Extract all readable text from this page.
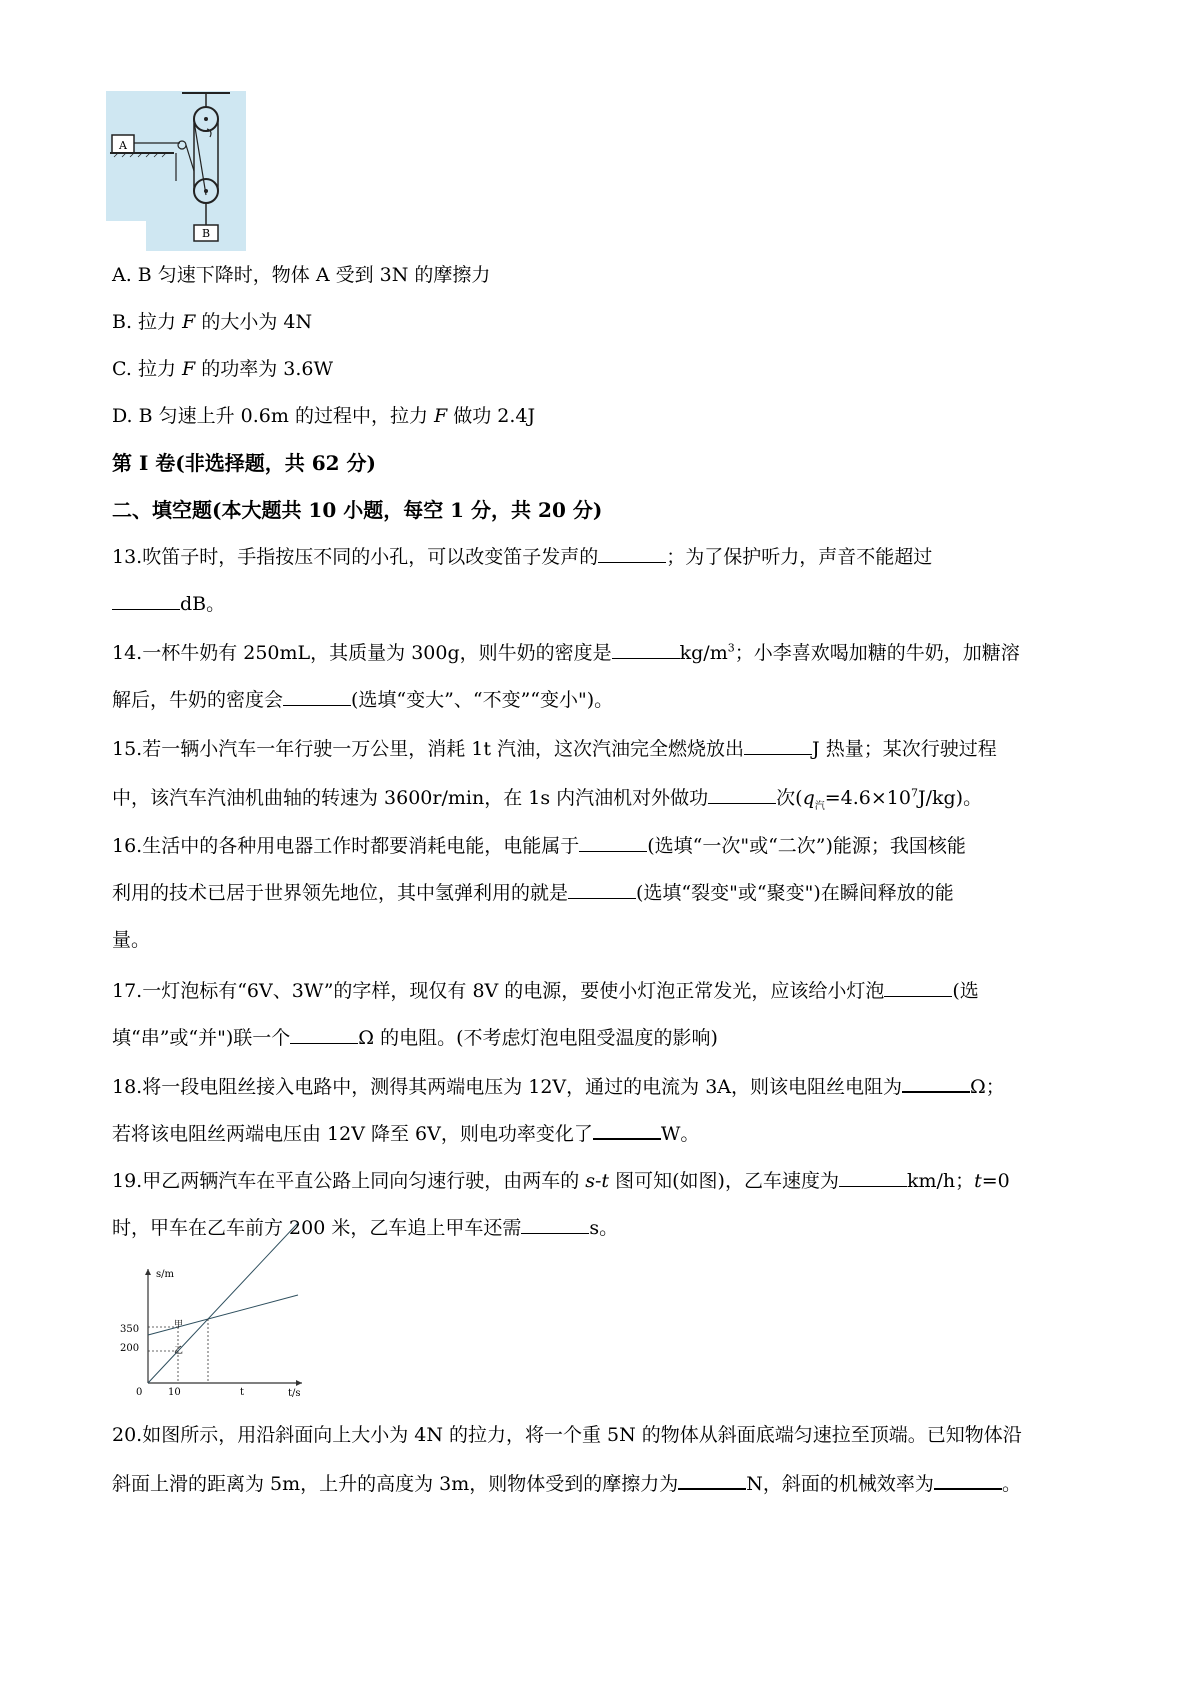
A
B
A. B 匀速下降时，物体 A 受到 3N 的摩擦力
B. 拉力 F 的大小为 4N
C. 拉力 F 的功率为 3.6W
D. B 匀速上升 0.6m 的过程中，拉力 F 做功 2.4J
第 I 卷(非选择题，共 62 分)
二、填空题(本大题共 10 小题，每空 1 分，共 20 分)
13.吹笛子时，手指按压不同的小孔，可以改变笛子发声的	；为了保护听力，声音不能超过
dB。
14.一杯牛奶有 250mL，其质量为 300g，则牛奶的密度是	$kg/m^3$；小李喜欢喝加糖的牛奶，加糖溶
解后，牛奶的密度会	(选填“变大”、“不变”“变小")。
15.若一辆小汽车一年行驶一万公里，消耗 1t 汽油，这次汽油完全燃烧放出	J 热量；某次行驶过程
中，该汽车汽油机曲轴的转速为 3600r/min，在 1s 内汽油机对外做功	次$(q_汽=4.6\times 10^7J/kg)$。
16.生活中的各种用电器工作时都要消耗电能，电能属于	(选填“一次"或“二次”)能源；我国核能
利用的技术已居于世界领先地位，其中氢弹利用的就是	(选填“裂变"或“聚变")在瞬间释放的能
量。
17.一灯泡标有“6V、3W”的字样，现仅有 8V 的电源，要使小灯泡正常发光，应该给小灯泡	(选
填“串”或“并")联一个	Ω 的电阻。(不考虑灯泡电阻受温度的影响)
18.将一段电阻丝接入电路中，测得其两端电压为 12V，通过的电流为 3A，则该电阻丝电阻为	Ω；
若将该电阻丝两端电压由 12V 降至 6V，则电功率变化了	W。
19.甲乙两辆汽车在平直公路上同向匀速行驶，由两车的 s-t 图可知(如图)，乙车速度为	km/h；t=0
时，甲车在乙车前方 200 米，乙车追上甲车还需	s。
s/m
t/s
0	10	t
350
200
甲
乙
20.如图所示，用沿斜面向上大小为 4N 的拉力，将一个重 5N 的物体从斜面底端匀速拉至顶端。已知物体沿
斜面上滑的距离为 5m，上升的高度为 3m，则物体受到的摩擦力为	N，斜面的机械效率为	。
